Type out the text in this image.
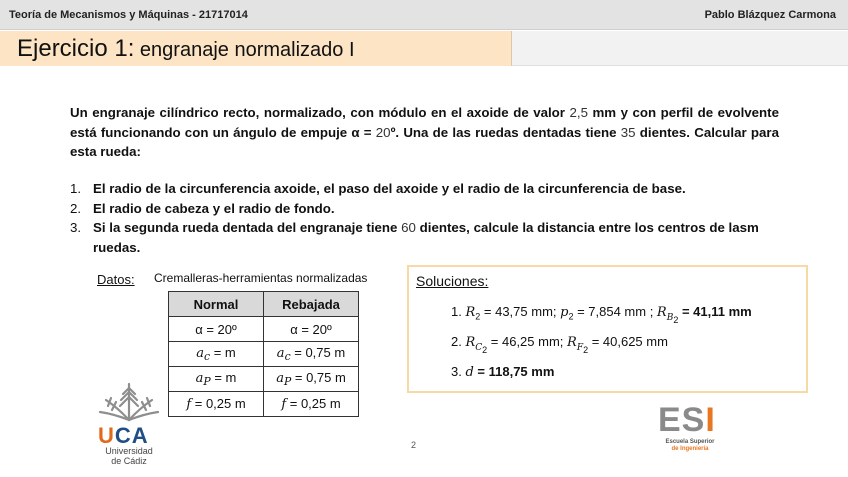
Teoría de Mecanismos y Máquinas - 21717014	Pablo Blázquez Carmona
Ejercicio 1: engranaje normalizado I
Un engranaje cilíndrico recto, normalizado, con módulo en el axoide de valor 2,5 mm y con perfil de evolvente está funcionando con un ángulo de empuje α = 20º. Una de las ruedas dentadas tiene 35 dientes. Calcular para esta rueda:
1. El radio de la circunferencia axoide, el paso del axoide y el radio de la circunferencia de base.
2. El radio de cabeza y el radio de fondo.
3. Si la segunda rueda dentada del engranaje tiene 60 dientes, calcule la distancia entre los centros de lasm ruedas.
Datos: Cremalleras-herramientas normalizadas
Normal	Rebajada
α = 20º	α = 20º
$a_c = m$	$a_c = 0,75$ m
$a_P = m$	$a_P = 0,75$ m
f = 0,25 m	f = 0,25 m
Soluciones:
1. $R_2 = 43,75$ mm; $p_2 = 7,854$ mm ; $R_{B_2} = 41,11$ mm
2. $R_{C_2} = 46,25$ mm; $R_{F_2} = 40,625$ mm
3. d = 118,75 mm
2
UCA
Universidad
de Cádiz
ESI
Escuela Superior
de Ingeniería
